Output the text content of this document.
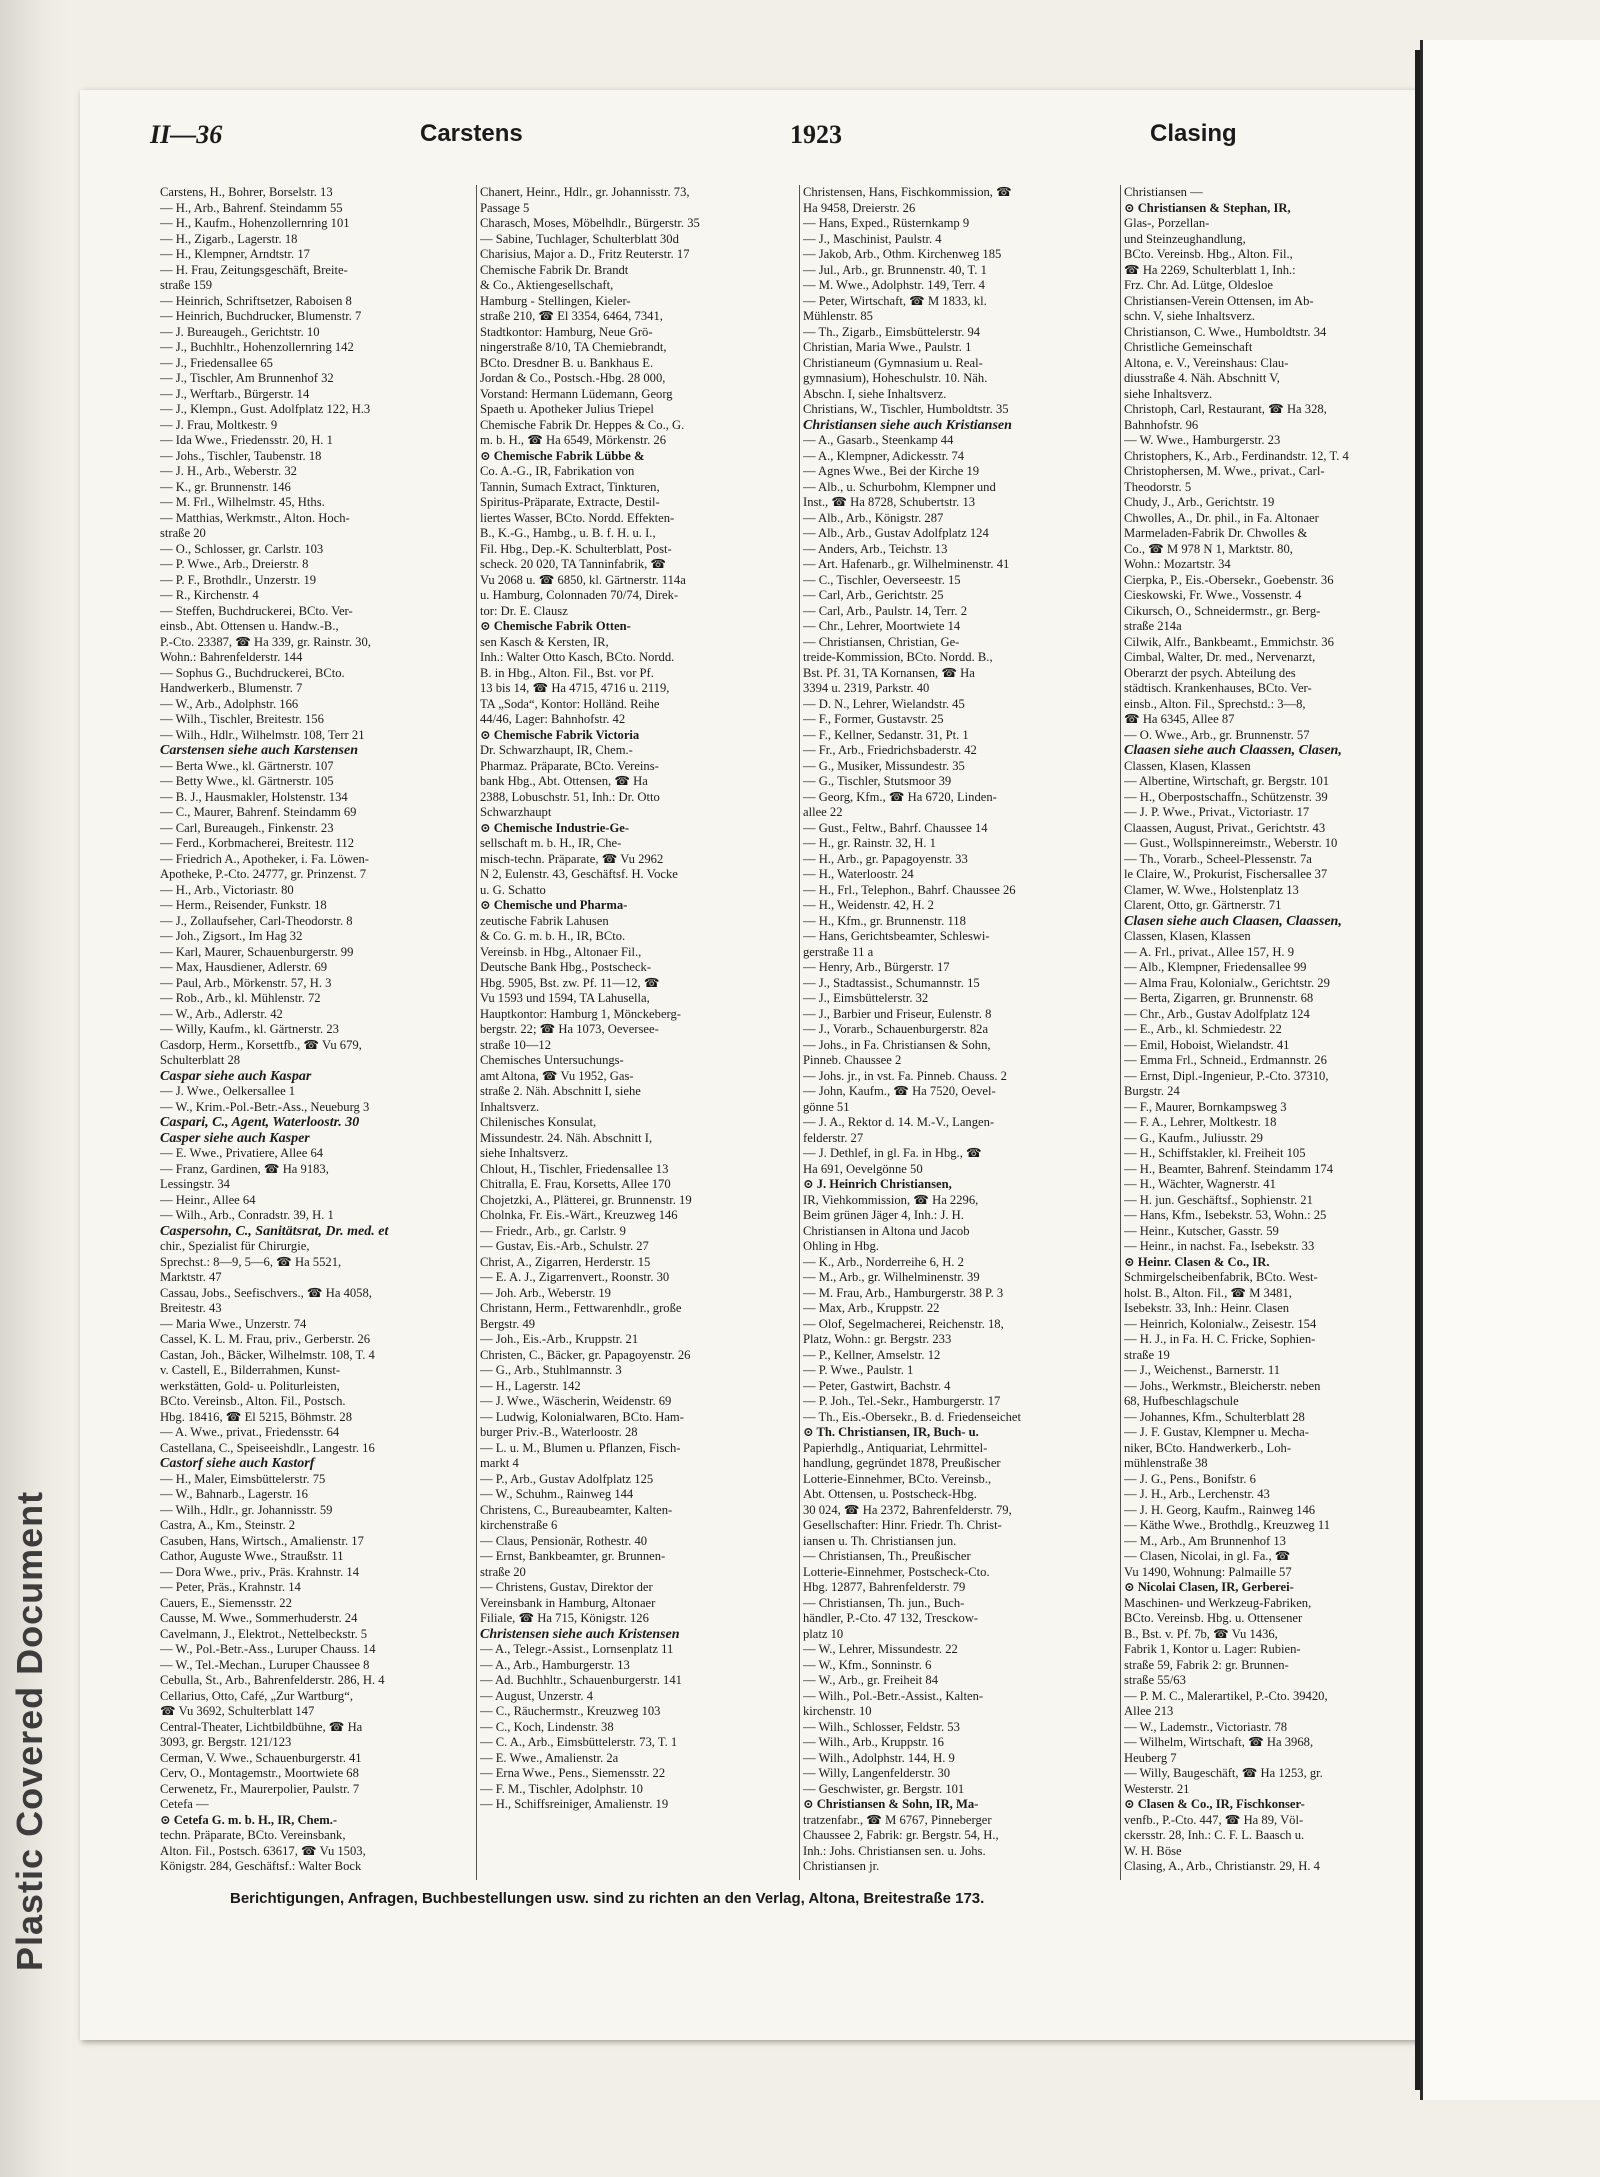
Plastic Covered Document
II—36	Carstens	1923	Clasing
Carstens, H., Bohrer, Borselstr. 13
— H., Arb., Bahrenf. Steindamm 55
— H., Kaufm., Hohenzollernring 101
— H., Zigarb., Lagerstr. 18
— H., Klempner, Arndtstr. 17
— H. Frau, Zeitungsgeschäft, Breite-
straße 159
— Heinrich, Schriftsetzer, Raboisen 8
— Heinrich, Buchdrucker, Blumenstr. 7
— J. Bureaugeh., Gerichtstr. 10
— J., Buchhltr., Hohenzollernring 142
— J., Friedensallee 65
— J., Tischler, Am Brunnenhof 32
— J., Werftarb., Bürgerstr. 14
— J., Klempn., Gust. Adolfplatz 122, H.3
— J. Frau, Moltkestr. 9
— Ida Wwe., Friedensstr. 20, H. 1
— Johs., Tischler, Taubenstr. 18
— J. H., Arb., Weberstr. 32
— K., gr. Brunnenstr. 146
— M. Frl., Wilhelmstr. 45, Hths.
— Matthias, Werkmstr., Alton. Hoch-
straße 20
— O., Schlosser, gr. Carlstr. 103
— P. Wwe., Arb., Dreierstr. 8
— P. F., Brothdlr., Unzerstr. 19
— R., Kirchenstr. 4
— Steffen, Buchdruckerei, BCto. Ver-
einsb., Abt. Ottensen u. Handw.-B.,
P.-Cto. 23387, ☎ Ha 339, gr. Rainstr. 30,
Wohn.: Bahrenfelderstr. 144
— Sophus G., Buchdruckerei, BCto.
Handwerkerb., Blumenstr. 7
— W., Arb., Adolphstr. 166
— Wilh., Tischler, Breitestr. 156
— Wilh., Hdlr., Wilhelmstr. 108, Terr 21
Carstensen siehe auch Karstensen
— Berta Wwe., kl. Gärtnerstr. 107
— Betty Wwe., kl. Gärtnerstr. 105
— B. J., Hausmakler, Holstenstr. 134
— C., Maurer, Bahrenf. Steindamm 69
— Carl, Bureaugeh., Finkenstr. 23
— Ferd., Korbmacherei, Breitestr. 112
— Friedrich A., Apotheker, i. Fa. Löwen-
Apotheke, P.-Cto. 24777, gr. Prinzenst. 7
— H., Arb., Victoriastr. 80
— Herm., Reisender, Funkstr. 18
— J., Zollaufseher, Carl-Theodorstr. 8
— Joh., Zigsort., Im Hag 32
— Karl, Maurer, Schauenburgerstr. 99
— Max, Hausdiener, Adlerstr. 69
— Paul, Arb., Mörkenstr. 57, H. 3
— Rob., Arb., kl. Mühlenstr. 72
— W., Arb., Adlerstr. 42
— Willy, Kaufm., kl. Gärtnerstr. 23
Casdorp, Herm., Korsettfb., ☎ Vu 679,
Schulterblatt 28
Caspar siehe auch Kaspar
— J. Wwe., Oelkersallee 1
— W., Krim.-Pol.-Betr.-Ass., Neueburg 3
Caspari, C., Agent, Waterloostr. 30
Casper siehe auch Kasper
— E. Wwe., Privatiere, Allee 64
— Franz, Gardinen, ☎ Ha 9183,
Lessingstr. 34
— Heinr., Allee 64
— Wilh., Arb., Conradstr. 39, H. 1
Caspersohn, C., Sanitätsrat, Dr. med. et
chir., Spezialist für Chirurgie,
Sprechst.: 8—9, 5—6, ☎ Ha 5521,
Marktstr. 47
Cassau, Jobs., Seefischvers., ☎ Ha 4058,
Breitestr. 43
— Maria Wwe., Unzerstr. 74
Cassel, K. L. M. Frau, priv., Gerberstr. 26
Castan, Joh., Bäcker, Wilhelmstr. 108, T. 4
v. Castell, E., Bilderrahmen, Kunst-
werkstätten, Gold- u. Politurleisten,
BCto. Vereinsb., Alton. Fil., Postsch.
Hbg. 18416, ☎ El 5215, Böhmstr. 28
— A. Wwe., privat., Friedensstr. 64
Castellana, C., Speiseeishdlr., Langestr. 16
Castorf siehe auch Kastorf
— H., Maler, Eimsbüttelerstr. 75
— W., Bahnarb., Lagerstr. 16
— Wilh., Hdlr., gr. Johannisstr. 59
Castra, A., Km., Steinstr. 2
Casuben, Hans, Wirtsch., Amalienstr. 17
Cathor, Auguste Wwe., Straußstr. 11
— Dora Wwe., priv., Präs. Krahnstr. 14
— Peter, Präs., Krahnstr. 14
Cauers, E., Siemensstr. 22
Causse, M. Wwe., Sommerhuderstr. 24
Cavelmann, J., Elektrot., Nettelbeckstr. 5
— W., Pol.-Betr.-Ass., Luruper Chauss. 14
— W., Tel.-Mechan., Luruper Chaussee 8
Cebulla, St., Arb., Bahrenfelderstr. 286, H. 4
Cellarius, Otto, Café, „Zur Wartburg“,
☎ Vu 3692, Schulterblatt 147
Central-Theater, Lichtbildbühne, ☎ Ha
3093, gr. Bergstr. 121/123
Cerman, V. Wwe., Schauenburgerstr. 41
Cerv, O., Montagemstr., Moortwiete 68
Cerwenetz, Fr., Maurerpolier, Paulstr. 7
Cetefa —
⊙ Cetefa G. m. b. H., IR, Chem.-
techn. Präparate, BCto. Vereinsbank,
Alton. Fil., Postsch. 63617, ☎ Vu 1503,
Königstr. 284, Geschäftsf.: Walter Bock
Chanert, Heinr., Hdlr., gr. Johannisstr. 73,
Passage 5
Charasch, Moses, Möbelhdlr., Bürgerstr. 35
— Sabine, Tuchlager, Schulterblatt 30d
Charisius, Major a. D., Fritz Reuterstr. 17
Chemische Fabrik Dr. Brandt
& Co., Aktiengesellschaft,
Hamburg - Stellingen, Kieler-
straße 210, ☎ El 3354, 6464, 7341,
Stadtkontor: Hamburg, Neue Grö-
ningerstraße 8/10, TA Chemiebrandt,
BCto. Dresdner B. u. Bankhaus E.
Jordan & Co., Postsch.-Hbg. 28 000,
Vorstand: Hermann Lüdemann, Georg
Spaeth u. Apotheker Julius Triepel
Chemische Fabrik Dr. Heppes & Co., G.
m. b. H., ☎ Ha 6549, Mörkenstr. 26
⊙ Chemische Fabrik Lübbe &
Co. A.-G., IR, Fabrikation von
Tannin, Sumach Extract, Tinkturen,
Spiritus-Präparate, Extracte, Destil-
liertes Wasser, BCto. Nordd. Effekten-
B., K.-G., Hambg., u. B. f. H. u. I.,
Fil. Hbg., Dep.-K. Schulterblatt, Post-
scheck. 20 020, TA Tanninfabrik, ☎
Vu 2068 u. ☎ 6850, kl. Gärtnerstr. 114a
u. Hamburg, Colonnaden 70/74, Direk-
tor: Dr. E. Clausz
⊙ Chemische Fabrik Otten-
sen Kasch & Kersten, IR,
Inh.: Walter Otto Kasch, BCto. Nordd.
B. in Hbg., Alton. Fil., Bst. vor Pf.
13 bis 14, ☎ Ha 4715, 4716 u. 2119,
TA „Soda“, Kontor: Holländ. Reihe
44/46, Lager: Bahnhofstr. 42
⊙ Chemische Fabrik Victoria
Dr. Schwarzhaupt, IR, Chem.-
Pharmaz. Präparate, BCto. Vereins-
bank Hbg., Abt. Ottensen, ☎ Ha
2388, Lobuschstr. 51, Inh.: Dr. Otto
Schwarzhaupt
⊙ Chemische Industrie-Ge-
sellschaft m. b. H., IR, Che-
misch-techn. Präparate, ☎ Vu 2962
N 2, Eulenstr. 43, Geschäftsf. H. Vocke
u. G. Schatto
⊙ Chemische und Pharma-
zeutische Fabrik Lahusen
& Co. G. m. b. H., IR, BCto.
Vereinsb. in Hbg., Altonaer Fil.,
Deutsche Bank Hbg., Postscheck-
Hbg. 5905, Bst. zw. Pf. 11—12, ☎
Vu 1593 und 1594, TA Lahusella,
Hauptkontor: Hamburg 1, Mönckeberg-
bergstr. 22; ☎ Ha 1073, Oeversee-
straße 10—12
Chemisches Untersuchungs-
amt Altona, ☎ Vu 1952, Gas-
straße 2. Näh. Abschnitt I, siehe
Inhaltsverz.
Chilenisches Konsulat,
Missundestr. 24. Näh. Abschnitt I,
siehe Inhaltsverz.
Chlout, H., Tischler, Friedensallee 13
Chitralla, E. Frau, Korsetts, Allee 170
Chojetzki, A., Plätterei, gr. Brunnenstr. 19
Cholnka, Fr. Eis.-Wärt., Kreuzweg 146
— Friedr., Arb., gr. Carlstr. 9
— Gustav, Eis.-Arb., Schulstr. 27
Christ, A., Zigarren, Herderstr. 15
— E. A. J., Zigarrenvert., Roonstr. 30
— Joh. Arb., Weberstr. 19
Christann, Herm., Fettwarenhdlr., große
Bergstr. 49
— Joh., Eis.-Arb., Kruppstr. 21
Christen, C., Bäcker, gr. Papagoyenstr. 26
— G., Arb., Stuhlmannstr. 3
— H., Lagerstr. 142
— J. Wwe., Wäscherin, Weidenstr. 69
— Ludwig, Kolonialwaren, BCto. Ham-
burger Priv.-B., Waterloostr. 28
— L. u. M., Blumen u. Pflanzen, Fisch-
markt 4
— P., Arb., Gustav Adolfplatz 125
— W., Schuhm., Rainweg 144
Christens, C., Bureaubeamter, Kalten-
kirchenstraße 6
— Claus, Pensionär, Rothestr. 40
— Ernst, Bankbeamter, gr. Brunnen-
straße 20
— Christens, Gustav, Direktor der
Vereinsbank in Hamburg, Altonaer
Filiale, ☎ Ha 715, Königstr. 126
Christensen siehe auch Kristensen
— A., Telegr.-Assist., Lornsenplatz 11
— A., Arb., Hamburgerstr. 13
— Ad. Buchhltr., Schauenburgerstr. 141
— August, Unzerstr. 4
— C., Räuchermstr., Kreuzweg 103
— C., Koch, Lindenstr. 38
— C. A., Arb., Eimsbüttelerstr. 73, T. 1
— E. Wwe., Amalienstr. 2a
— Erna Wwe., Pens., Siemensstr. 22
— F. M., Tischler, Adolphstr. 10
— H., Schiffsreiniger, Amalienstr. 19
Christensen, Hans, Fischkommission, ☎
Ha 9458, Dreierstr. 26
— Hans, Exped., Rüsternkamp 9
— J., Maschinist, Paulstr. 4
— Jakob, Arb., Othm. Kirchenweg 185
— Jul., Arb., gr. Brunnenstr. 40, T. 1
— M. Wwe., Adolphstr. 149, Terr. 4
— Peter, Wirtschaft, ☎ M 1833, kl.
Mühlenstr. 85
— Th., Zigarb., Eimsbüttelerstr. 94
Christian, Maria Wwe., Paulstr. 1
Christianeum (Gymnasium u. Real-
gymnasium), Hoheschulstr. 10. Näh.
Abschn. I, siehe Inhaltsverz.
Christians, W., Tischler, Humboldtstr. 35
Christiansen siehe auch Kristiansen
— A., Gasarb., Steenkamp 44
— A., Klempner, Adickesstr. 74
— Agnes Wwe., Bei der Kirche 19
— Alb., u. Schurbohm, Klempner und
Inst., ☎ Ha 8728, Schubertstr. 13
— Alb., Arb., Königstr. 287
— Alb., Arb., Gustav Adolfplatz 124
— Anders, Arb., Teichstr. 13
— Art. Hafenarb., gr. Wilhelminenstr. 41
— C., Tischler, Oeverseestr. 15
— Carl, Arb., Gerichtstr. 25
— Carl, Arb., Paulstr. 14, Terr. 2
— Chr., Lehrer, Moortwiete 14
— Christiansen, Christian, Ge-
treide-Kommission, BCto. Nordd. B.,
Bst. Pf. 31, TA Kornansen, ☎ Ha
3394 u. 2319, Parkstr. 40
— D. N., Lehrer, Wielandstr. 45
— F., Former, Gustavstr. 25
— F., Kellner, Sedanstr. 31, Pt. 1
— Fr., Arb., Friedrichsbaderstr. 42
— G., Musiker, Missundestr. 35
— G., Tischler, Stutsmoor 39
— Georg, Kfm., ☎ Ha 6720, Linden-
allee 22
— Gust., Feltw., Bahrf. Chaussee 14
— H., gr. Rainstr. 32, H. 1
— H., Arb., gr. Papagoyenstr. 33
— H., Waterloostr. 24
— H., Frl., Telephon., Bahrf. Chaussee 26
— H., Weidenstr. 42, H. 2
— H., Kfm., gr. Brunnenstr. 118
— Hans, Gerichtsbeamter, Schleswi-
gerstraße 11 a
— Henry, Arb., Bürgerstr. 17
— J., Stadtassist., Schumannstr. 15
— J., Eimsbüttelerstr. 32
— J., Barbier und Friseur, Eulenstr. 8
— J., Vorarb., Schauenburgerstr. 82a
— Johs., in Fa. Christiansen & Sohn,
Pinneb. Chaussee 2
— Johs. jr., in vst. Fa. Pinneb. Chauss. 2
— John, Kaufm., ☎ Ha 7520, Oevel-
gönne 51
— J. A., Rektor d. 14. M.-V., Langen-
felderstr. 27
— J. Dethlef, in gl. Fa. in Hbg., ☎
Ha 691, Oevelgönne 50
⊙ J. Heinrich Christiansen,
IR, Viehkommission, ☎ Ha 2296,
Beim grünen Jäger 4, Inh.: J. H.
Christiansen in Altona und Jacob
Ohling in Hbg.
— K., Arb., Norderreihe 6, H. 2
— M., Arb., gr. Wilhelminenstr. 39
— M. Frau, Arb., Hamburgerstr. 38 P. 3
— Max, Arb., Kruppstr. 22
— Olof, Segelmacherei, Reichenstr. 18,
Platz, Wohn.: gr. Bergstr. 233
— P., Kellner, Amselstr. 12
— P. Wwe., Paulstr. 1
— Peter, Gastwirt, Bachstr. 4
— P. Joh., Tel.-Sekr., Hamburgerstr. 17
— Th., Eis.-Obersekr., B. d. Friedenseichet
⊙ Th. Christiansen, IR, Buch- u.
Papierhdlg., Antiquariat, Lehrmittel-
handlung, gegründet 1878, Preußischer
Lotterie-Einnehmer, BCto. Vereinsb.,
Abt. Ottensen, u. Postscheck-Hbg.
30 024, ☎ Ha 2372, Bahrenfelderstr. 79,
Gesellschafter: Hinr. Friedr. Th. Christ-
iansen u. Th. Christiansen jun.
— Christiansen, Th., Preußischer
Lotterie-Einnehmer, Postscheck-Cto.
Hbg. 12877, Bahrenfelderstr. 79
— Christiansen, Th. jun., Buch-
händler, P.-Cto. 47 132, Tresckow-
platz 10
— W., Lehrer, Missundestr. 22
— W., Kfm., Sonninstr. 6
— W., Arb., gr. Freiheit 84
— Wilh., Pol.-Betr.-Assist., Kalten-
kirchenstr. 10
— Wilh., Schlosser, Feldstr. 53
— Wilh., Arb., Kruppstr. 16
— Wilh., Adolphstr. 144, H. 9
— Willy, Langenfelderstr. 30
— Geschwister, gr. Bergstr. 101
⊙ Christiansen & Sohn, IR, Ma-
tratzenfabr., ☎ M 6767, Pinneberger
Chaussee 2, Fabrik: gr. Bergstr. 54, H.,
Inh.: Johs. Christiansen sen. u. Johs.
Christiansen jr.
Christiansen —
⊙ Christiansen & Stephan, IR,
Glas-, Porzellan-
und Steinzeughandlung,
BCto. Vereinsb. Hbg., Alton. Fil.,
☎ Ha 2269, Schulterblatt 1, Inh.:
Frz. Chr. Ad. Lütge, Oldesloe
Christiansen-Verein Ottensen, im Ab-
schn. V, siehe Inhaltsverz.
Christianson, C. Wwe., Humboldtstr. 34
Christliche Gemeinschaft
Altona, e. V., Vereinshaus: Clau-
diusstraße 4. Näh. Abschnitt V,
siehe Inhaltsverz.
Christoph, Carl, Restaurant, ☎ Ha 328,
Bahnhofstr. 96
— W. Wwe., Hamburgerstr. 23
Christophers, K., Arb., Ferdinandstr. 12, T. 4
Christophersen, M. Wwe., privat., Carl-
Theodorstr. 5
Chudy, J., Arb., Gerichtstr. 19
Chwolles, A., Dr. phil., in Fa. Altonaer
Marmeladen-Fabrik Dr. Chwolles &
Co., ☎ M 978 N 1, Marktstr. 80,
Wohn.: Mozartstr. 34
Cierpka, P., Eis.-Obersekr., Goebenstr. 36
Cieskowski, Fr. Wwe., Vossenstr. 4
Cikursch, O., Schneidermstr., gr. Berg-
straße 214a
Cilwik, Alfr., Bankbeamt., Emmichstr. 36
Cimbal, Walter, Dr. med., Nervenarzt,
Oberarzt der psych. Abteilung des
städtisch. Krankenhauses, BCto. Ver-
einsb., Alton. Fil., Sprechstd.: 3—8,
☎ Ha 6345, Allee 87
— O. Wwe., Arb., gr. Brunnenstr. 57
Claasen siehe auch Claassen, Clasen,
Classen, Klasen, Klassen
— Albertine, Wirtschaft, gr. Bergstr. 101
— H., Oberpostschaffn., Schützenstr. 39
— J. P. Wwe., Privat., Victoriastr. 17
Claassen, August, Privat., Gerichtstr. 43
— Gust., Wollspinnereimstr., Weberstr. 10
— Th., Vorarb., Scheel-Plessenstr. 7a
le Claire, W., Prokurist, Fischersallee 37
Clamer, W. Wwe., Holstenplatz 13
Clarent, Otto, gr. Gärtnerstr. 71
Clasen siehe auch Claasen, Claassen,
Classen, Klasen, Klassen
— A. Frl., privat., Allee 157, H. 9
— Alb., Klempner, Friedensallee 99
— Alma Frau, Kolonialw., Gerichtstr. 29
— Berta, Zigarren, gr. Brunnenstr. 68
— Chr., Arb., Gustav Adolfplatz 124
— E., Arb., kl. Schmiedestr. 22
— Emil, Hoboist, Wielandstr. 41
— Emma Frl., Schneid., Erdmannstr. 26
— Ernst, Dipl.-Ingenieur, P.-Cto. 37310,
Burgstr. 24
— F., Maurer, Bornkampsweg 3
— F. A., Lehrer, Moltkestr. 18
— G., Kaufm., Juliusstr. 29
— H., Schiffstakler, kl. Freiheit 105
— H., Beamter, Bahrenf. Steindamm 174
— H., Wächter, Wagnerstr. 41
— H. jun. Geschäftsf., Sophienstr. 21
— Hans, Kfm., Isebekstr. 53, Wohn.: 25
— Heinr., Kutscher, Gasstr. 59
— Heinr., in nachst. Fa., Isebekstr. 33
⊙ Heinr. Clasen & Co., IR.
Schmirgelscheibenfabrik, BCto. West-
holst. B., Alton. Fil., ☎ M 3481,
Isebekstr. 33, Inh.: Heinr. Clasen
— Heinrich, Kolonialw., Zeisestr. 154
— H. J., in Fa. H. C. Fricke, Sophien-
straße 19
— J., Weichenst., Barnerstr. 11
— Johs., Werkmstr., Bleicherstr. neben
68, Hufbeschlagschule
— Johannes, Kfm., Schulterblatt 28
— J. F. Gustav, Klempner u. Mecha-
niker, BCto. Handwerkerb., Loh-
mühlenstraße 38
— J. G., Pens., Bonifstr. 6
— J. H., Arb., Lerchenstr. 43
— J. H. Georg, Kaufm., Rainweg 146
— Käthe Wwe., Brothdlg., Kreuzweg 11
— M., Arb., Am Brunnenhof 13
— Clasen, Nicolai, in gl. Fa., ☎
Vu 1490, Wohnung: Palmaille 57
⊙ Nicolai Clasen, IR, Gerberei-
Maschinen- und Werkzeug-Fabriken,
BCto. Vereinsb. Hbg. u. Ottensener
B., Bst. v. Pf. 7b, ☎ Vu 1436,
Fabrik 1, Kontor u. Lager: Rubien-
straße 59, Fabrik 2: gr. Brunnen-
straße 55/63
— P. M. C., Malerartikel, P.-Cto. 39420,
Allee 213
— W., Lademstr., Victoriastr. 78
— Wilhelm, Wirtschaft, ☎ Ha 3968,
Heuberg 7
— Willy, Baugeschäft, ☎ Ha 1253, gr.
Westerstr. 21
⊙ Clasen & Co., IR, Fischkonser-
venfb., P.-Cto. 447, ☎ Ha 89, Völ-
ckersstr. 28, Inh.: C. F. L. Baasch u.
W. H. Böse
Clasing, A., Arb., Christianstr. 29, H. 4
Berichtigungen, Anfragen, Buchbestellungen usw. sind zu richten an den Verlag, Altona, Breitestraße 173.
